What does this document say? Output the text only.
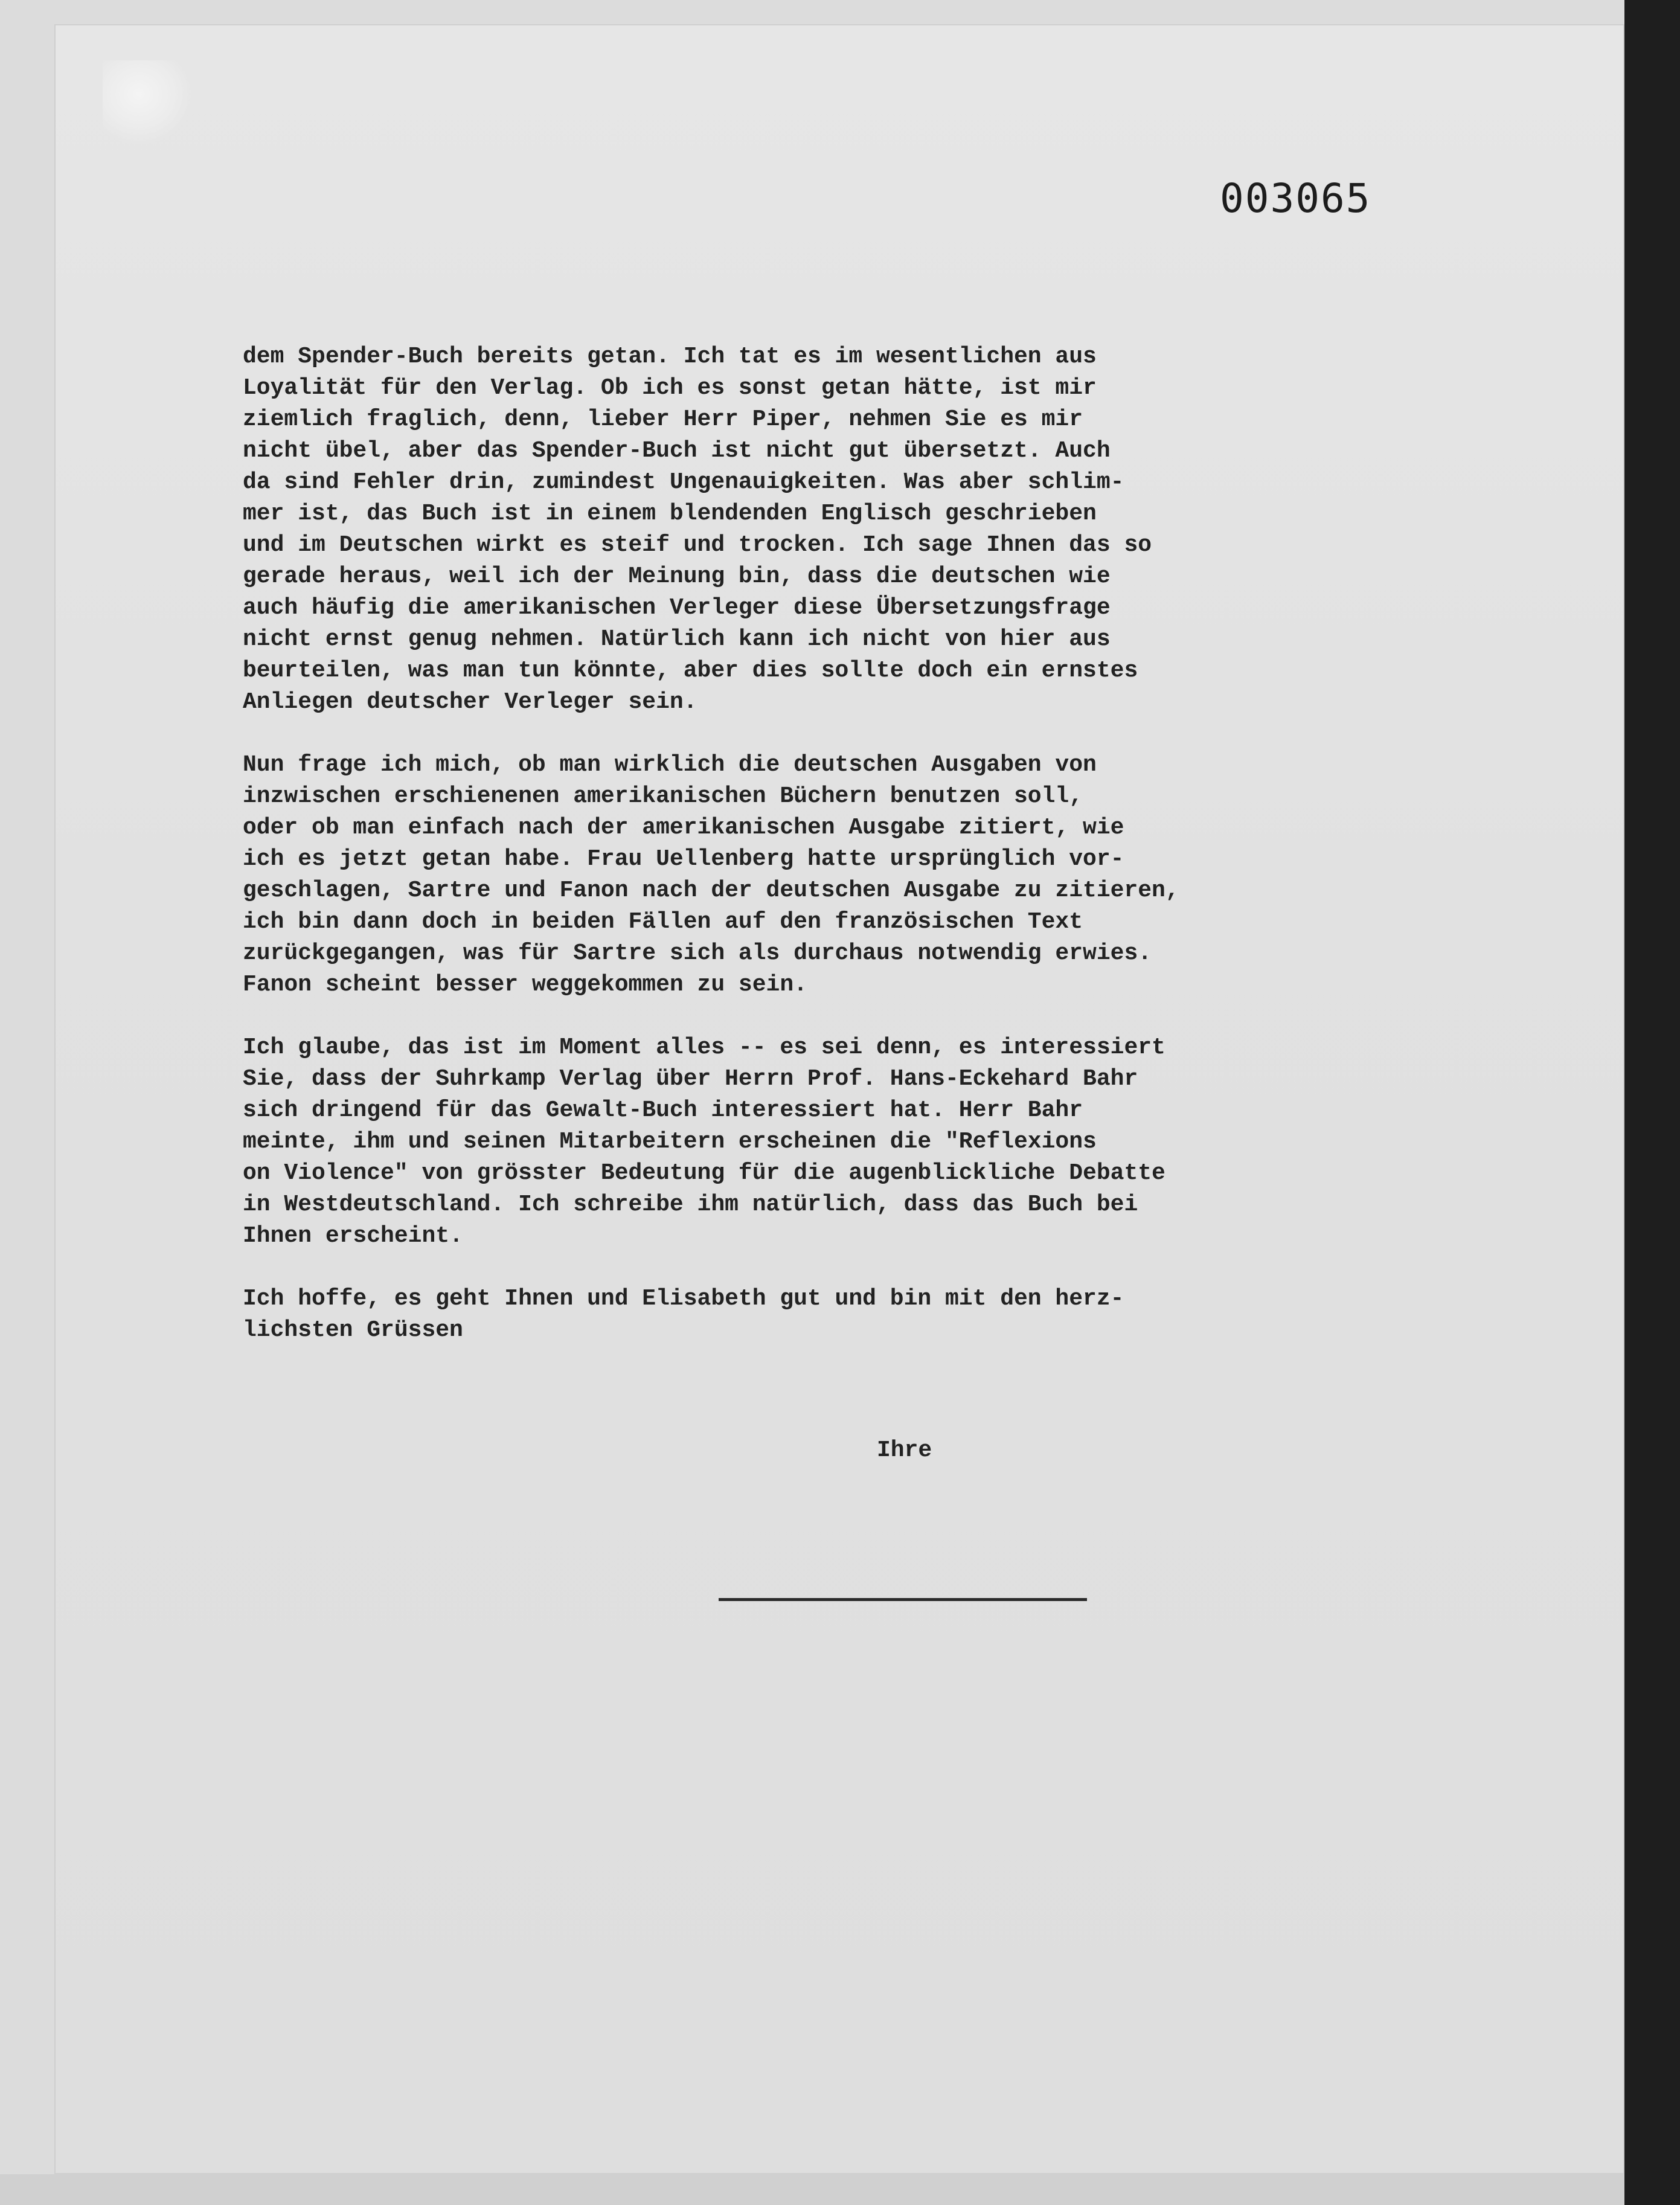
003065
dem Spender-Buch bereits getan. Ich tat es im wesentlichen aus
Loyalität für den Verlag. Ob ich es sonst getan hätte, ist mir
ziemlich fraglich, denn, lieber Herr Piper, nehmen Sie es mir
nicht übel, aber das Spender-Buch ist nicht gut übersetzt. Auch
da sind Fehler drin, zumindest Ungenauigkeiten. Was aber schlim-
mer ist, das Buch ist in einem blendenden Englisch geschrieben
und im Deutschen wirkt es steif und trocken. Ich sage Ihnen das so
gerade heraus, weil ich der Meinung bin, dass die deutschen wie
auch häufig die amerikanischen Verleger diese Übersetzungsfrage
nicht ernst genug nehmen. Natürlich kann ich nicht von hier aus
beurteilen, was man tun könnte, aber dies sollte doch ein ernstes
Anliegen deutscher Verleger sein.
Nun frage ich mich, ob man wirklich die deutschen Ausgaben von
inzwischen erschienenen amerikanischen Büchern benutzen soll,
oder ob man einfach nach der amerikanischen Ausgabe zitiert, wie
ich es jetzt getan habe. Frau Uellenberg hatte ursprünglich vor-
geschlagen, Sartre und Fanon nach der deutschen Ausgabe zu zitieren,
ich bin dann doch in beiden Fällen auf den französischen Text
zurückgegangen, was für Sartre sich als durchaus notwendig erwies.
Fanon scheint besser weggekommen zu sein.
Ich glaube, das ist im Moment alles -- es sei denn, es interessiert
Sie, dass der Suhrkamp Verlag über Herrn Prof. Hans-Eckehard Bahr
sich dringend für das Gewalt-Buch interessiert hat. Herr Bahr
meinte, ihm und seinen Mitarbeitern erscheinen die "Reflexions
on Violence" von grösster Bedeutung für die augenblickliche Debatte
in Westdeutschland. Ich schreibe ihm natürlich, dass das Buch bei
Ihnen erscheint.
Ich hoffe, es geht Ihnen und Elisabeth gut und bin mit den herz-
lichsten Grüssen
Ihre
